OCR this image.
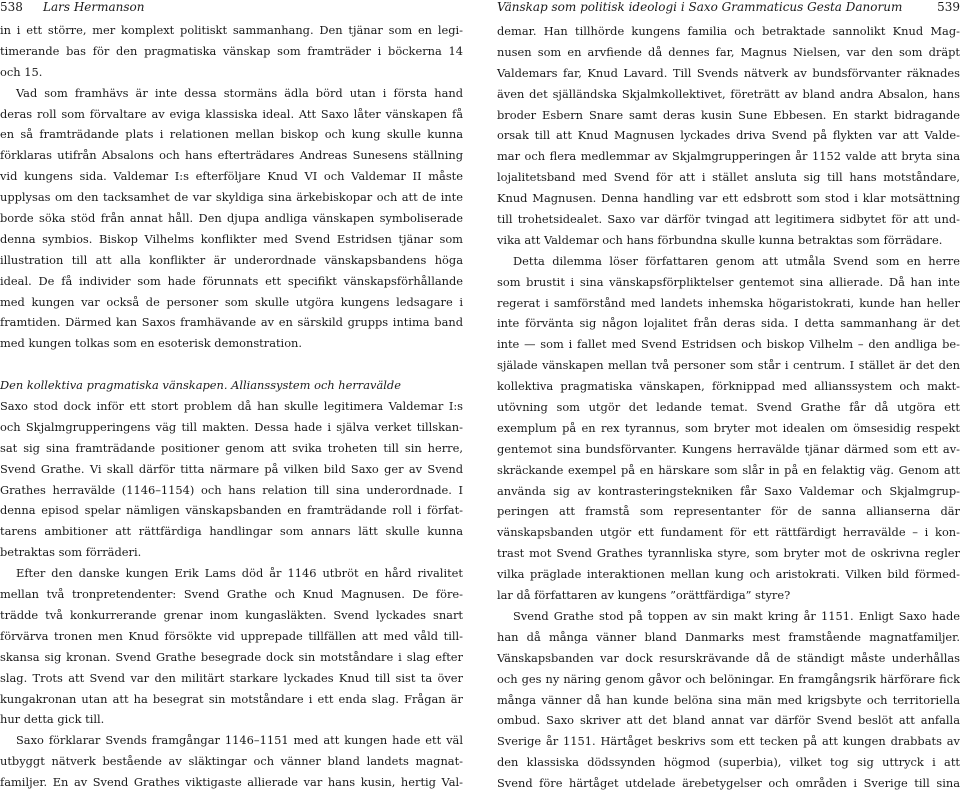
538 Lars Hermanson
in i ett större, mer komplext politiskt sammanhang. Den tjänar som en legi-
timerande bas för den pragmatiska vänskap som framträder i böckerna 14
och 15.
Vad som framhävs är inte dessa stormäns ädla börd utan i första hand
deras roll som förvaltare av eviga klassiska ideal. Att Saxo låter vänskapen få
en så framträdande plats i relationen mellan biskop och kung skulle kunna
förklaras utifrån Absalons och hans efterträdares Andreas Sunesens ställning
vid kungens sida. Valdemar I:s efterföljare Knud VI och Valdemar II måste
upplysas om den tacksamhet de var skyldiga sina ärkebiskopar och att de inte
borde söka stöd från annat håll. Den djupa andliga vänskapen symboliserade
denna symbios. Biskop Vilhelms konflikter med Svend Estridsen tjänar som
illustration till att alla konflikter är underordnade vänskapsbandens höga
ideal. De få individer som hade förunnats ett specifikt vänskapsförhållande
med kungen var också de personer som skulle utgöra kungens ledsagare i
framtiden. Därmed kan Saxos framhävande av en särskild grupps intima band
med kungen tolkas som en esoterisk demonstration.
Den kollektiva pragmatiska vänskapen. Allianssystem och herravälde
Saxo stod dock inför ett stort problem då han skulle legitimera Valdemar I:s
och Skjalmgrupperingens väg till makten. Dessa hade i själva verket tillskan-
sat sig sina framträdande positioner genom att svika troheten till sin herre,
Svend Grathe. Vi skall därför titta närmare på vilken bild Saxo ger av Svend
Grathes herravälde (1146–1154) och hans relation till sina underordnade. I
denna episod spelar nämligen vänskapsbanden en framträdande roll i förfat-
tarens ambitioner att rättfärdiga handlingar som annars lätt skulle kunna
betraktas som förräderi.
Efter den danske kungen Erik Lams död år 1146 utbröt en hård rivalitet
mellan två tronpretendenter: Svend Grathe och Knud Magnusen. De före-
trädde två konkurrerande grenar inom kungasläkten. Svend lyckades snart
förvärva tronen men Knud försökte vid upprepade tillfällen att med våld till-
skansa sig kronan. Svend Grathe besegrade dock sin motståndare i slag efter
slag. Trots att Svend var den militärt starkare lyckades Knud till sist ta över
kungakronan utan att ha besegrat sin motståndare i ett enda slag. Frågan är
hur detta gick till.
Saxo förklarar Svends framgångar 1146–1151 med att kungen hade ett väl
utbyggt nätverk bestående av släktingar och vänner bland landets magnat-
familjer. En av Svend Grathes viktigaste allierade var hans kusin, hertig Val-
Vänskap som politisk ideologi i Saxo Grammaticus Gesta Danorum	539
demar. Han tillhörde kungens familia och betraktade sannolikt Knud Mag-
nusen som en arvfiende då dennes far, Magnus Nielsen, var den som dräpt
Valdemars far, Knud Lavard. Till Svends nätverk av bundsförvanter räknades
även det själländska Skjalmkollektivet, företrätt av bland andra Absalon, hans
broder Esbern Snare samt deras kusin Sune Ebbesen. En starkt bidragande
orsak till att Knud Magnusen lyckades driva Svend på flykten var att Valde-
mar och flera medlemmar av Skjalmgrupperingen år 1152 valde att bryta sina
lojalitetsband med Svend för att i stället ansluta sig till hans motståndare,
Knud Magnusen. Denna handling var ett edsbrott som stod i klar motsättning
till trohetsidealet. Saxo var därför tvingad att legitimera sidbytet för att und-
vika att Valdemar och hans förbundna skulle kunna betraktas som förrädare.
Detta dilemma löser författaren genom att utmåla Svend som en herre
som brustit i sina vänskapsförpliktelser gentemot sina allierade. Då han inte
regerat i samförstånd med landets inhemska högaristokrati, kunde han heller
inte förvänta sig någon lojalitet från deras sida. I detta sammanhang är det
inte — som i fallet med Svend Estridsen och biskop Vilhelm – den andliga be-
själade vänskapen mellan två personer som står i centrum. I stället är det den
kollektiva pragmatiska vänskapen, förknippad med allianssystem och makt-
utövning som utgör det ledande temat. Svend Grathe får då utgöra ett
exemplum på en rex tyrannus, som bryter mot idealen om ömsesidig respekt
gentemot sina bundsförvanter. Kungens herravälde tjänar därmed som ett av-
skräckande exempel på en härskare som slår in på en felaktig väg. Genom att
använda sig av kontrasteringstekniken får Saxo Valdemar och Skjalmgrup-
peringen att framstå som representanter för de sanna allianserna där
vänskapsbanden utgör ett fundament för ett rättfärdigt herravälde – i kon-
trast mot Svend Grathes tyrannliska styre, som bryter mot de oskrivna regler
vilka präglade interaktionen mellan kung och aristokrati. Vilken bild förmed-
lar då författaren av kungens ”orättfärdiga” styre?
Svend Grathe stod på toppen av sin makt kring år 1151. Enligt Saxo hade
han då många vänner bland Danmarks mest framstående magnatfamiljer.
Vänskapsbanden var dock resurskrävande då de ständigt måste underhållas
och ges ny näring genom gåvor och belöningar. En framgångsrik härförare fick
många vänner då han kunde belöna sina män med krigsbyte och territoriella
ombud. Saxo skriver att det bland annat var därför Svend beslöt att anfalla
Sverige år 1151. Härtåget beskrivs som ett tecken på att kungen drabbats av
den klassiska dödssynden högmod (superbia), vilket tog sig uttryck i att
Svend före härtåget utdelade ärebetygelser och områden i Sverige till sina
